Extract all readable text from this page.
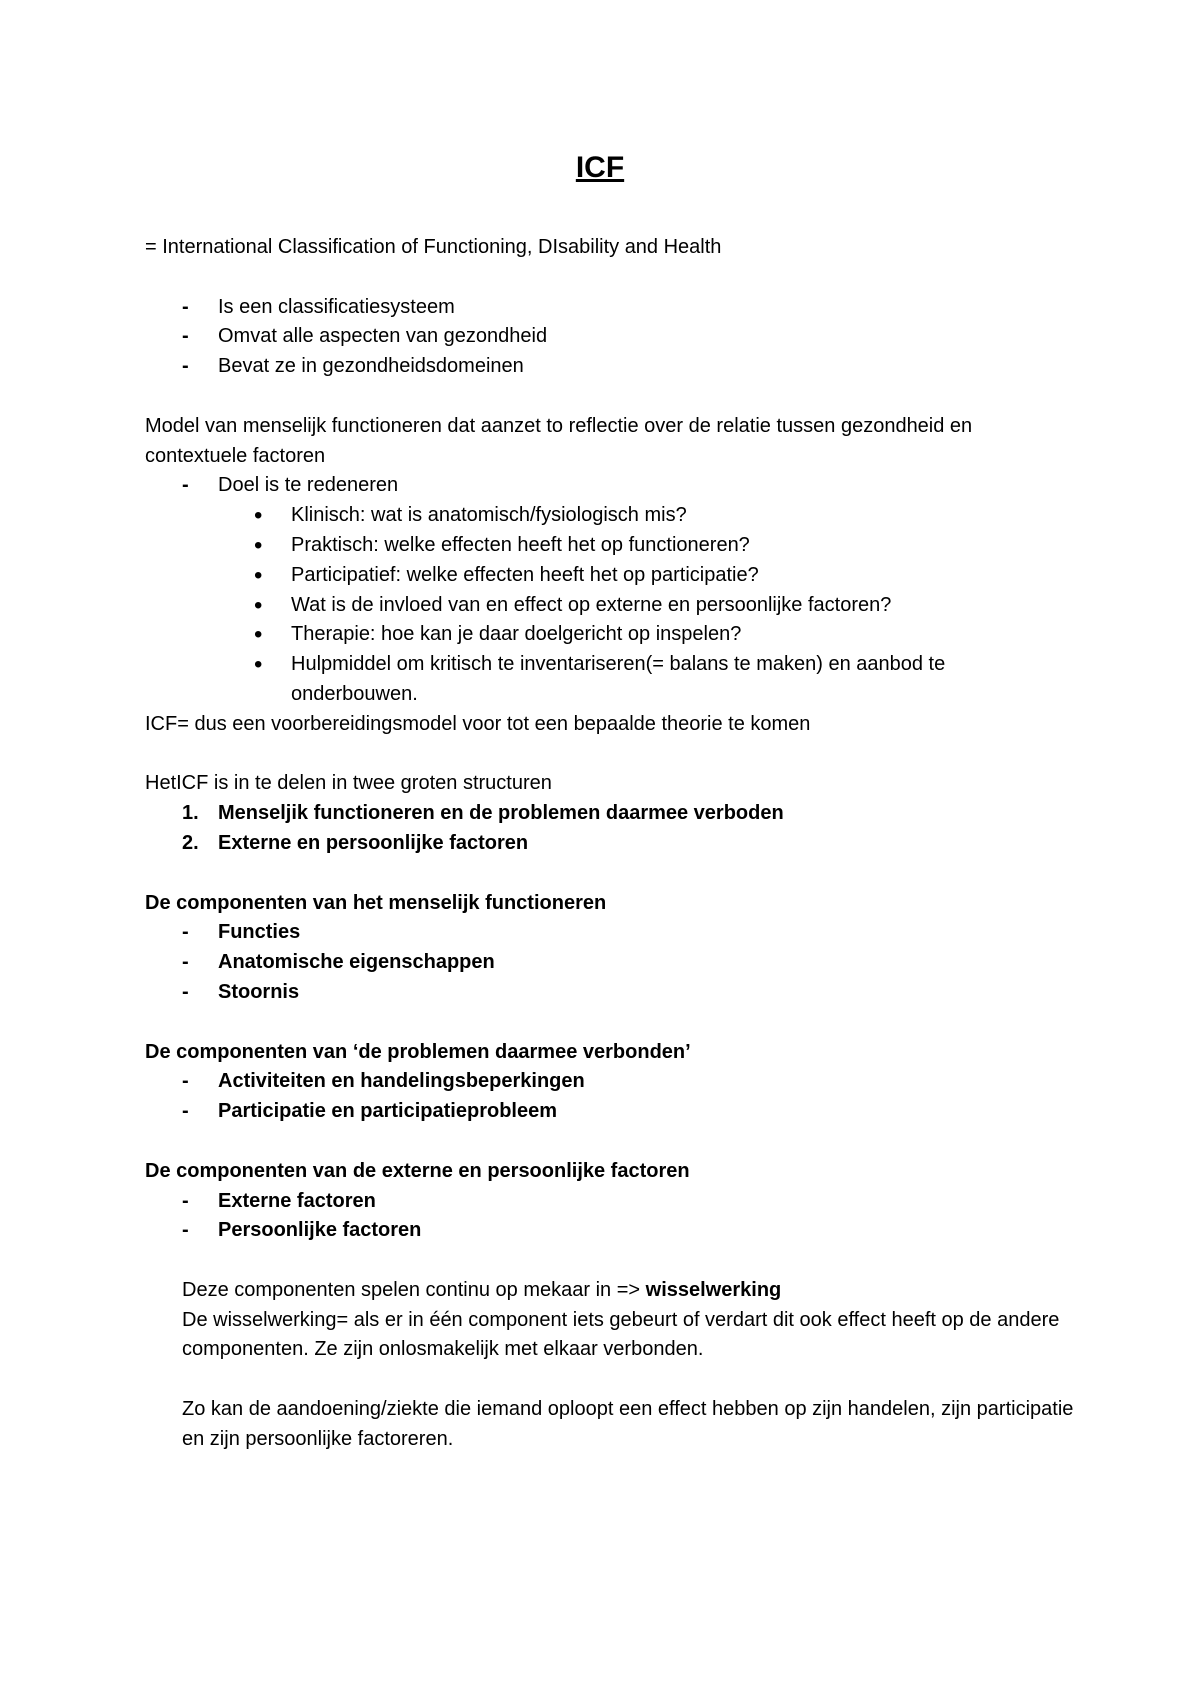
ICF

= International Classification of Functioning, DIsability and Health

- Is een classificatiesysteem
- Omvat alle aspecten van gezondheid
- Bevat ze in gezondheidsdomeinen

Model van menselijk functioneren dat aanzet to reflectie over de relatie tussen gezondheid en contextuele factoren

- Doel is te redeneren
• Klinisch: wat is anatomisch/fysiologisch mis?
• Praktisch: welke effecten heeft het op functioneren?
• Participatief: welke effecten heeft het op participatie?
• Wat is de invloed van en effect op externe en persoonlijke factoren?
• Therapie: hoe kan je daar doelgericht op inspelen?
• Hulpmiddel om kritisch te inventariseren(= balans te maken) en aanbod te onderbouwen.

ICF= dus een voorbereidingsmodel voor tot een bepaalde theorie te komen

HetICF is in te delen in twee groten structuren

1. Menseljik functioneren en de problemen daarmee verboden
2. Externe en persoonlijke factoren

De componenten van het menselijk functioneren

- Functies
- Anatomische eigenschappen
- Stoornis

De componenten van ‘de problemen daarmee verbonden’

- Activiteiten en handelingsbeperkingen
- Participatie en participatieprobleem

De componenten van de externe en persoonlijke factoren

- Externe factoren
- Persoonlijke factoren

Deze componenten spelen continu op mekaar in => wisselwerking

De wisselwerking= als er in één component iets gebeurt of verdart dit ook effect heeft op de andere componenten. Ze zijn onlosmakelijk met elkaar verbonden.

Zo kan de aandoening/ziekte die iemand oploopt een effect hebben op zijn handelen, zijn participatie en zijn persoonlijke factoreren.
